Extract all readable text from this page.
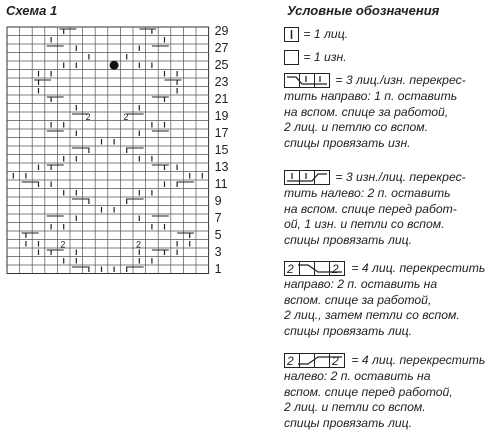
Схема 1	Условные обозначения
2	2
2	2
29
27
25
23
21
19
17
15
13
11
9
7
5
3
1
= 1 лиц.
= 1 изн.
= 3 лиц./изн. перекрес-

тить направо: 1 п. оставить

на вспом. спице за работой,

2 лиц. и петлю со вспом.

спицы провязать изн.

= 3 изн./лиц. перекрес-

тить налево: 2 п. оставить

на вспом. спице перед работ-

ой, 1 изн. и петли со вспом.

спицы провязать лиц.

2	2 = 4 лиц. перекрестить

направо: 2 п. оставить на

вспом. спице за работой,

2 лиц., затем петли со вспом.

спицы провязать лиц.

2	2 = 4 лиц. перекрестить

налево: 2 п. оставить на

вспом. спице перед работой,

2 лиц. и петли со вспом.

спицы провязать лиц.
